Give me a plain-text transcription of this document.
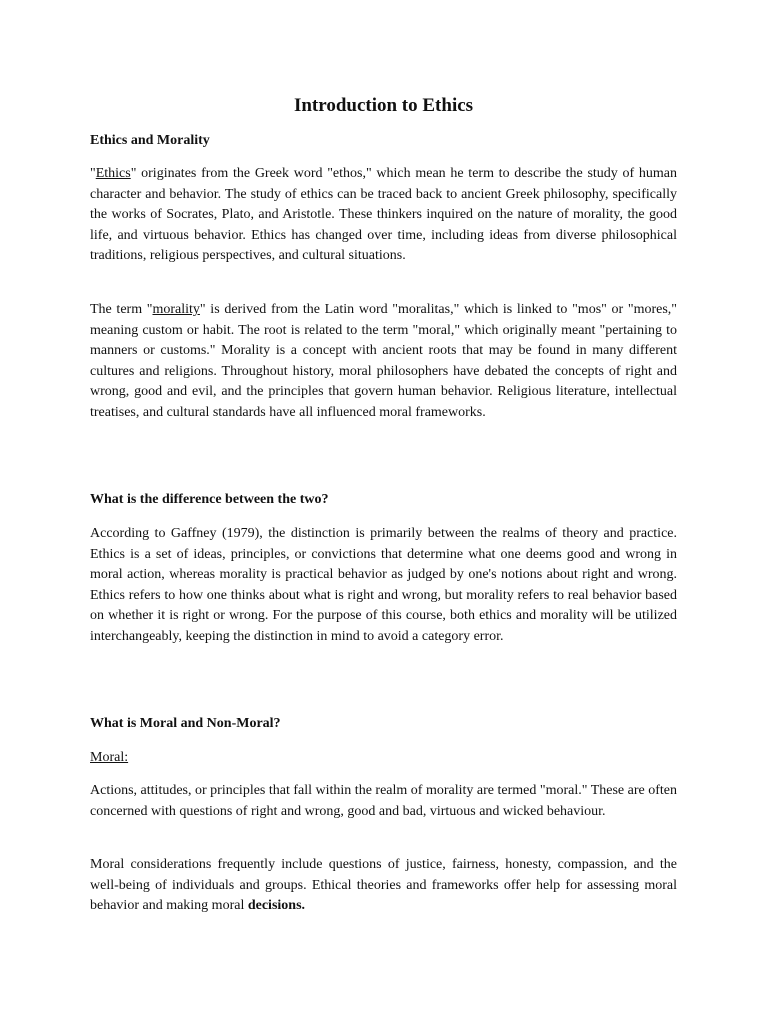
Introduction to Ethics
Ethics and Morality

"Ethics" originates from the Greek word "ethos," which mean he term to describe the study of human character and behavior. The study of ethics can be traced back to ancient Greek philosophy, specifically the works of Socrates, Plato, and Aristotle. These thinkers inquired on the nature of morality, the good life, and virtuous behavior. Ethics has changed over time, including ideas from diverse philosophical traditions, religious perspectives, and cultural situations.

The term "morality" is derived from the Latin word "moralitas," which is linked to "mos" or "mores," meaning custom or habit. The root is related to the term "moral," which originally meant "pertaining to manners or customs." Morality is a concept with ancient roots that may be found in many different cultures and religions. Throughout history, moral philosophers have debated the concepts of right and wrong, good and evil, and the principles that govern human behavior. Religious literature, intellectual treatises, and cultural standards have all influenced moral frameworks.

What is the difference between the two?

According to Gaffney (1979), the distinction is primarily between the realms of theory and practice. Ethics is a set of ideas, principles, or convictions that determine what one deems good and wrong in moral action, whereas morality is practical behavior as judged by one's notions about right and wrong. Ethics refers to how one thinks about what is right and wrong, but morality refers to real behavior based on whether it is right or wrong. For the purpose of this course, both ethics and morality will be utilized interchangeably, keeping the distinction in mind to avoid a category error.

What is Moral and Non-Moral?

Moral:

Actions, attitudes, or principles that fall within the realm of morality are termed "moral." These are often concerned with questions of right and wrong, good and bad, virtuous and wicked behaviour.

Moral considerations frequently include questions of justice, fairness, honesty, compassion, and the well-being of individuals and groups. Ethical theories and frameworks offer help for assessing moral behavior and making moral decisions.
